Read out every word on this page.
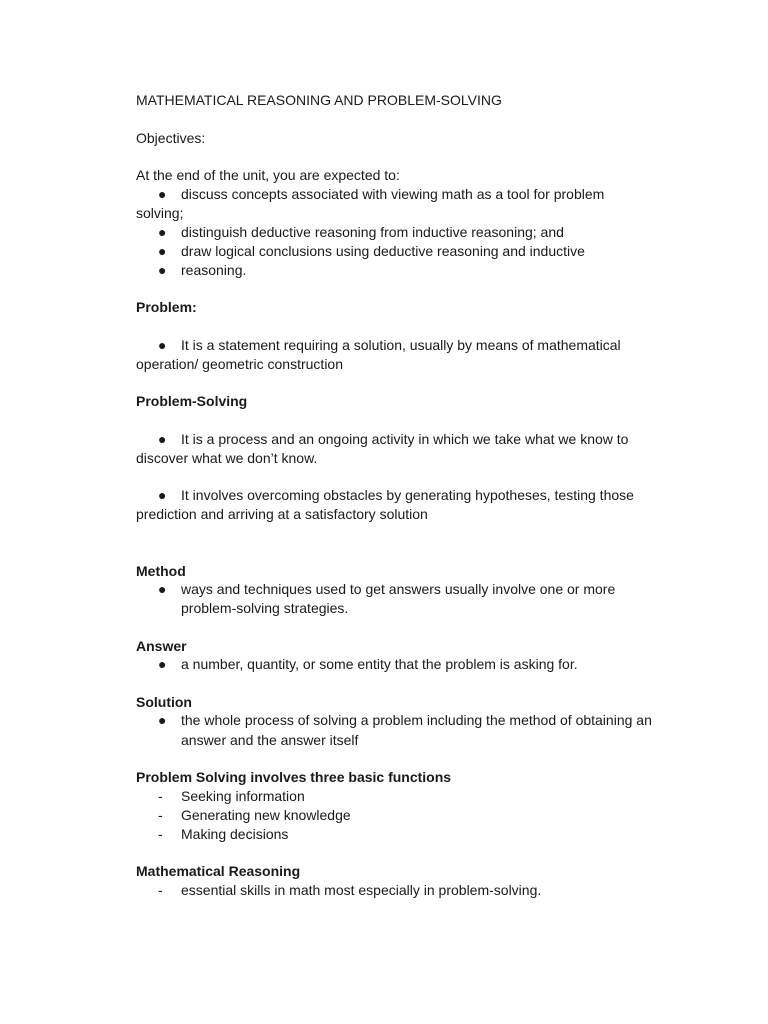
MATHEMATICAL REASONING AND PROBLEM-SOLVING
Objectives:
At the end of the unit, you are expected to:
●	discuss concepts associated with viewing math as a tool for problem
solving;
●	distinguish deductive reasoning from inductive reasoning; and
●	draw logical conclusions using deductive reasoning and inductive
●	reasoning.
Problem:
●	It is a statement requiring a solution, usually by means of mathematical
operation/ geometric construction
Problem-Solving
●	It is a process and an ongoing activity in which we take what we know to
discover what we don’t know.
●	It involves overcoming obstacles by generating hypotheses, testing those
prediction and arriving at a satisfactory solution
Method
●	ways and techniques used to get answers usually involve one or more
problem-solving strategies.
Answer
●	a number, quantity, or some entity that the problem is asking for.
Solution
●	the whole process of solving a problem including the method of obtaining an
answer and the answer itself
Problem Solving involves three basic functions
-	Seeking information
-	Generating new knowledge
-	Making decisions
Mathematical Reasoning
-	essential skills in math most especially in problem-solving.
